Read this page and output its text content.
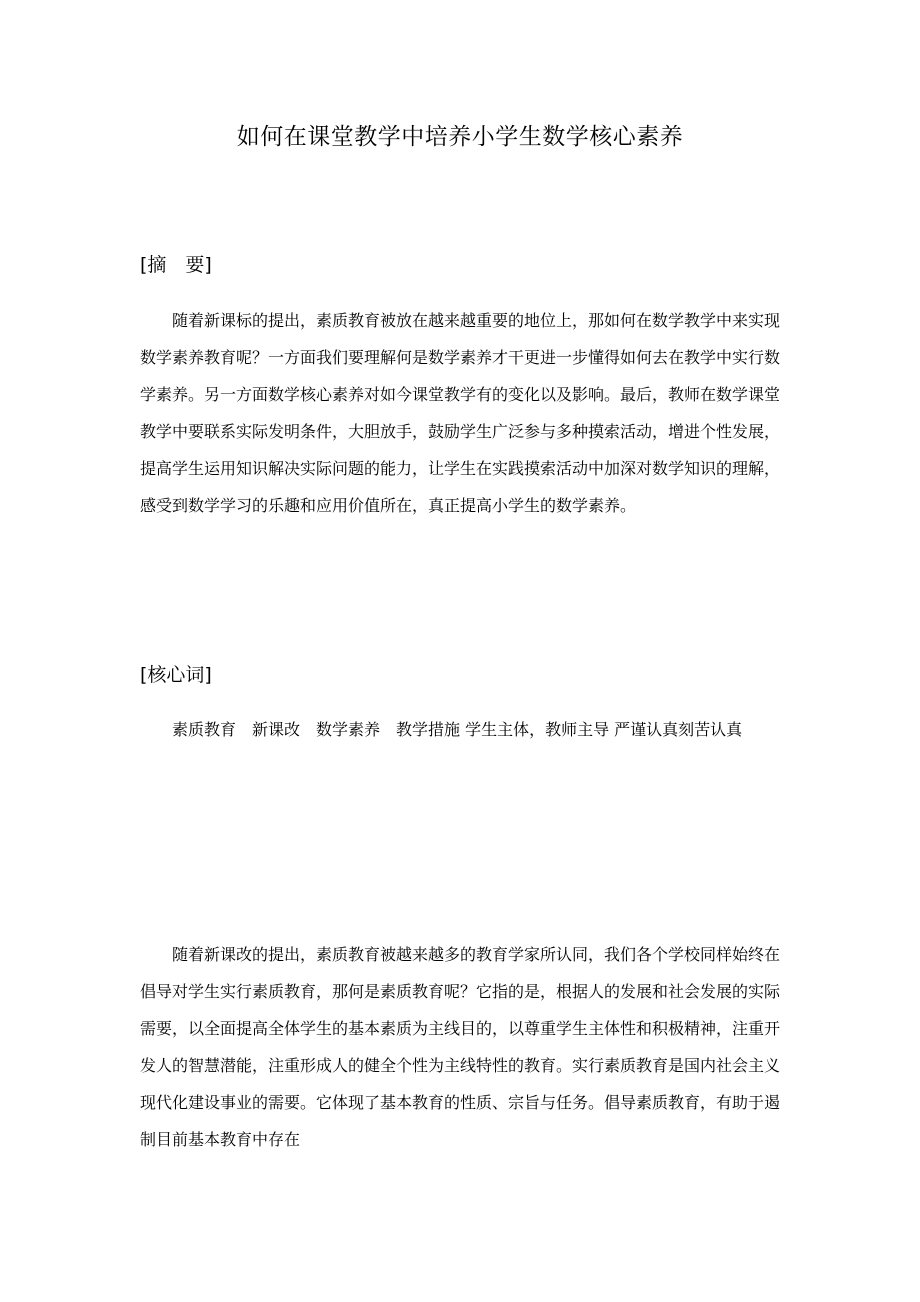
如何在课堂教学中培养小学生数学核心素养
[摘　要]

随着新课标的提出，素质教育被放在越来越重要的地位上，那如何在数学教学中来实现数学素养教育呢？一方面我们要理解何是数学素养才干更进一步懂得如何去在教学中实行数学素养。另一方面数学核心素养对如今课堂教学有的变化以及影响。最后，教师在数学课堂教学中要联系实际发明条件，大胆放手，鼓励学生广泛参与多种摸索活动，增进个性发展，提高学生运用知识解决实际问题的能力，让学生在实践摸索活动中加深对数学知识的理解，感受到数学学习的乐趣和应用价值所在，真正提高小学生的数学素养。

[核心词]

素质教育　新课改　数学素养　教学措施 学生主体，教师主导 严谨认真刻苦认真

随着新课改的提出，素质教育被越来越多的教育学家所认同，我们各个学校同样始终在倡导对学生实行素质教育，那何是素质教育呢？它指的是，根据人的发展和社会发展的实际需要，以全面提高全体学生的基本素质为主线目的，以尊重学生主体性和积极精神，注重开发人的智慧潜能，注重形成人的健全个性为主线特性的教育。实行素质教育是国内社会主义现代化建设事业的需要。它体现了基本教育的性质、宗旨与任务。倡导素质教育，有助于遏制目前基本教育中存在
